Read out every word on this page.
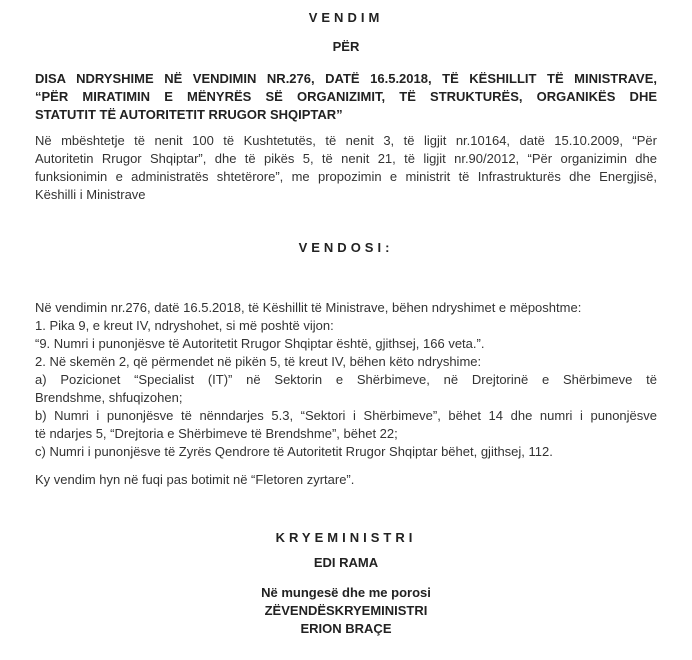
VENDIM
PËR
DISA NDRYSHIME NË VENDIMIN NR.276, DATË 16.5.2018, TË KËSHILLIT TË MINISTRAVE,
“PËR MIRATIMIN E MËNYRËS SË ORGANIZIMIT, TË STRUKTURËS, ORGANIKËS DHE
STATUTIT TË AUTORITETIT RRUGOR SHQIPTAR”
Në mbështetje të nenit 100 të Kushtetutës, të nenit 3, të ligjit nr.10164, datë 15.10.2009, “Për
Autoritetin Rrugor Shqiptar”, dhe të pikës 5, të nenit 21, të ligjit nr.90/2012, “Për organizimin dhe
funksionimin e administratës shtetërore”, me propozimin e ministrit të Infrastrukturës dhe Energjisë,
Këshilli i Ministrave
VENDOSI:
Në vendimin nr.276, datë 16.5.2018, të Këshillit të Ministrave, bëhen ndryshimet e mëposhtme:
1. Pika 9, e kreut IV, ndryshohet, si më poshtë vijon:
“9. Numri i punonjësve të Autoritetit Rrugor Shqiptar është, gjithsej, 166 veta.”.
2. Në skemën 2, që përmendet në pikën 5, të kreut IV, bëhen këto ndryshime:
a) Pozicionet “Specialist (IT)” në Sektorin e Shërbimeve, në Drejtorinë e Shërbimeve të
Brendshme, shfuqizohen;
b) Numri i punonjësve të nënndarjes 5.3, “Sektori i Shërbimeve”, bëhet 14 dhe numri i punonjësve
të ndarjes 5, “Drejtoria e Shërbimeve të Brendshme”, bëhet 22;
c) Numri i punonjësve të Zyrës Qendrore të Autoritetit Rrugor Shqiptar bëhet, gjithsej, 112.
Ky vendim hyn në fuqi pas botimit në “Fletoren zyrtare”.
KRYEMINISTRI
EDI RAMA
Në mungesë dhe me porosi
ZËVENDËSKRYEMINISTRI
ERION BRAÇE
